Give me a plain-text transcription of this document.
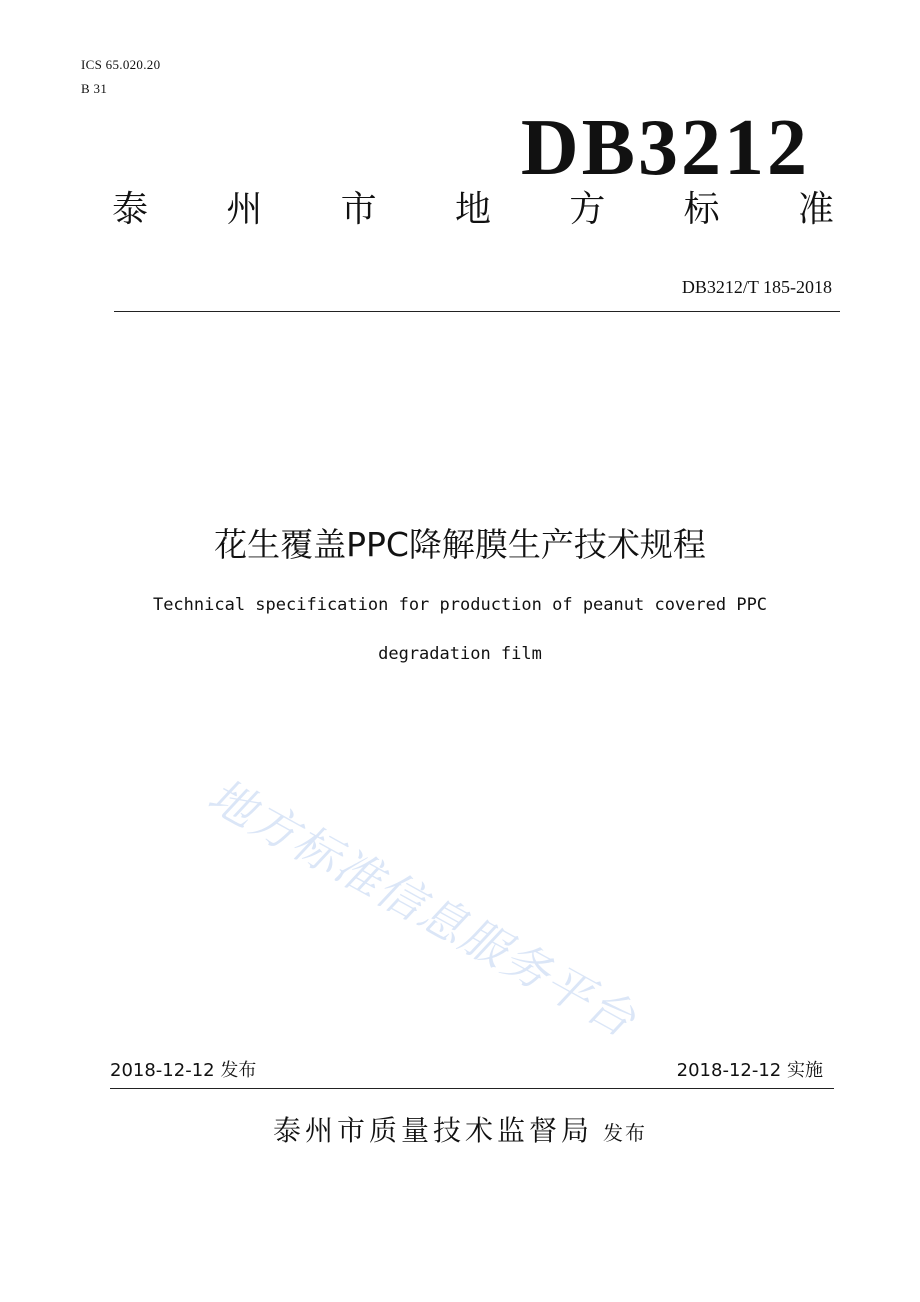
ICS 65.020.20
B 31
DB3212
泰 州 市 地 方 标 准
DB3212/T 185-2018
花生覆盖PPC降解膜生产技术规程
Technical specification for production of peanut covered PPC
degradation film
地方标准信息服务平台
2018-12-12 发布	2018-12-12 实施
泰州市质量技术监督局 发布
